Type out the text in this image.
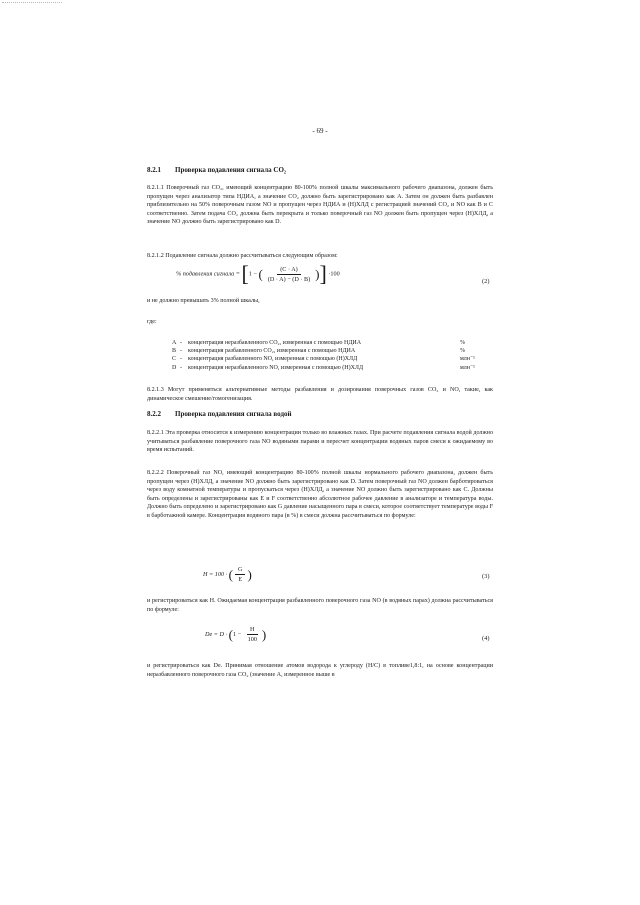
- 69 -
8.2.1 Проверка подавления сигнала CO₂
8.2.1.1 Поверочный газ CO₂, имеющий концентрацию 80-100% полной шкалы максимального рабочего диапазона, должен быть пропущен через анализатор типа НДИА, а значение CO₂ должно быть зарегистрировано как А. Затем он должен быть разбавлен приблизительно на 50% поверочным газом NO и пропущен через НДИА и (Н)ХЛД с регистрацией значений CO₂ и NO как В и С соответственно. Затем подача CO₂ должна быть перекрыта и только поверочный газ NO должен быть пропущен через (Н)ХЛД, а значение NO должно быть зарегистрировано как D.
8.2.1.2 Подавление сигнала должно рассчитываться следующим образом:
% подавления сигнала = [1 − ( $\frac{(C \cdot A)}{(D \cdot A) - (D \cdot B)}$ )] ·100
(2)
и не должно превышать 3% полной шкалы,
где:
A -	концентрация неразбавленного CO₂, измеренная с помощью НДИА	%
B -	концентрация разбавленного CO₂, измеренная с помощью НДИА	%
C -	концентрация разбавленного NO, измеренная с помощью (Н)ХЛД	млн⁻¹
D -	концентрация неразбавленного NO, измеренная с помощью (Н)ХЛД	млн⁻¹
8.2.1.3 Могут применяться альтернативные методы разбавления и дозирования поверочных газов CO₂ и NO, такие, как динамическое смешение/гомогенизация.
8.2.2 Проверка подавления сигнала водой
8.2.2.1 Эта проверка относится к измерению концентрации только во влажных газах. При расчете подавления сигнала водой должно учитываться разбавление поверочного газа NO водяными парами и пересчет концентрации водяных паров смеси к ожидаемому во время испытаний.
8.2.2.2 Поверочный газ NO, имеющий концентрацию 80-100% полной шкалы нормального рабочего диапазона, должен быть пропущен через (Н)ХЛД, а значение NO должно быть зарегистрировано как D. Затем поверочный газ NO должен барботироваться через воду комнатной температуры и пропускаться через (Н)ХЛД, а значение NO должно быть зарегистрировано как С. Должны быть определены и зарегистрированы как Е и F соответственно абсолютное рабочее давление в анализаторе и температура воды. Должно быть определено и зарегистрировано как G давление насыщенного пара в смеси, которое соответствует температуре воды F в барботажной камере. Концентрация водяного пара (в %) в смеси должна рассчитываться по формуле:
H = 100 · ( $\frac{G}{E}$ )	(3)
и регистрироваться как Н. Ожидаемая концентрация разбавленного поверочного газа NO (в водяных парах) должна рассчитываться по формуле:
$De = D \cdot (1 - \frac{H}{100}$ )	(4)
и регистрироваться как De. Принимая отношение атомов водорода к углероду (Н/С) в топливе1,8:1, на основе концентрации неразбавленного поверочного газа CO₂ (значение А, измеренное выше в
